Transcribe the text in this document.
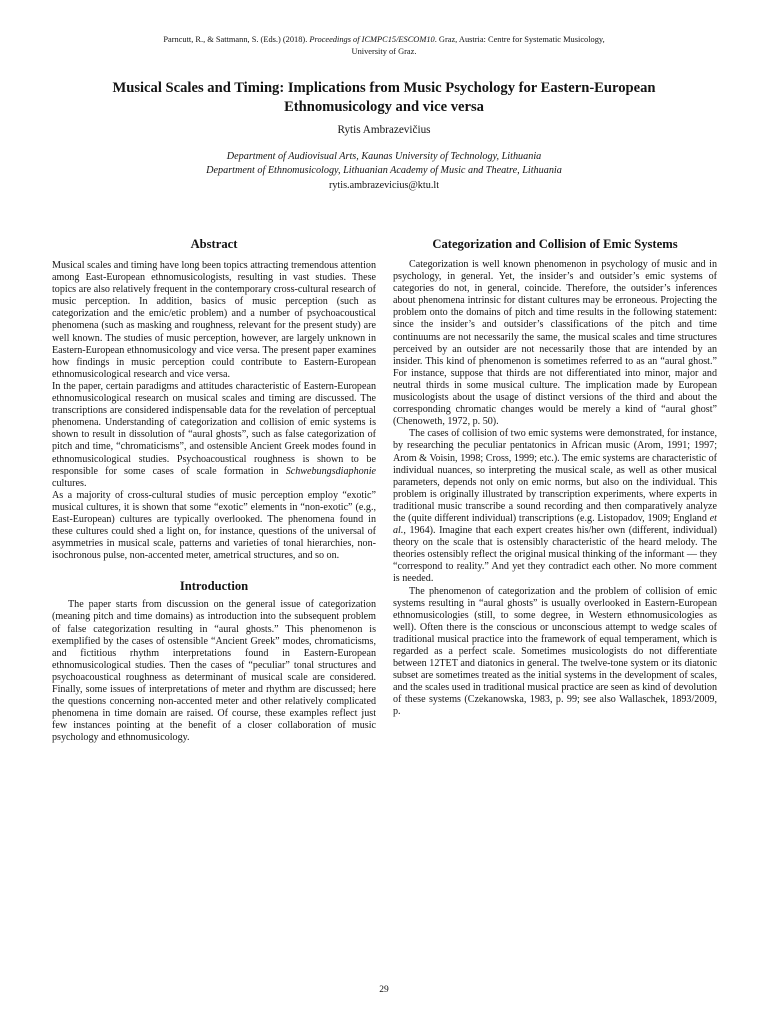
Parncutt, R., & Sattmann, S. (Eds.) (2018). Proceedings of ICMPC15/ESCOM10. Graz, Austria: Centre for Systematic Musicology,
University of Graz.
Musical Scales and Timing: Implications from Music Psychology for Eastern-European Ethnomusicology and vice versa
Rytis Ambrazevičius
Department of Audiovisual Arts, Kaunas University of Technology, Lithuania
Department of Ethnomusicology, Lithuanian Academy of Music and Theatre, Lithuania
rytis.ambrazevicius@ktu.lt
Abstract

Musical scales and timing have long been topics attracting tremendous attention among East-European ethnomusicologists, resulting in vast studies. These topics are also relatively frequent in the contemporary cross-cultural research of music perception. In addition, basics of music perception (such as categorization and the emic/etic problem) and a number of psychoacoustical phenomena (such as masking and roughness, relevant for the present study) are well known. The studies of music perception, however, are largely unknown in Eastern-European ethnomusicology and vice versa. The present paper examines how findings in music perception could contribute to Eastern-European ethnomusicological research and vice versa.

In the paper, certain paradigms and attitudes characteristic of Eastern-European ethnomusicological research on musical scales and timing are discussed. The transcriptions are considered indispensable data for the revelation of perceptual phenomena. Understanding of categorization and collision of emic systems is shown to result in dissolution of “aural ghosts”, such as false categorization of pitch and time, “chromaticisms”, and ostensible Ancient Greek modes found in ethnomusicological studies. Psychoacoustical roughness is shown to be responsible for some cases of scale formation in Schwebungsdiaphonie cultures.

As a majority of cross-cultural studies of music perception employ “exotic” musical cultures, it is shown that some “exotic” elements in “non-exotic” (e.g., East-European) cultures are typically overlooked. The phenomena found in these cultures could shed a light on, for instance, questions of the universal of asymmetries in musical scale, patterns and varieties of tonal hierarchies, non-isochronous pulse, non-accented meter, ametrical structures, and so on.

Introduction

The paper starts from discussion on the general issue of categorization (meaning pitch and time domains) as introduction into the subsequent problem of false categorization resulting in “aural ghosts.” This phenomenon is exemplified by the cases of ostensible “Ancient Greek” modes, chromaticisms, and fictitious rhythm interpretations found in Eastern-European ethnomusicological studies. Then the cases of “peculiar” tonal structures and psychoacoustical roughness as determinant of musical scale are considered. Finally, some issues of interpretations of meter and rhythm are discussed; here the questions concerning non-accented meter and other relatively complicated phenomena in time domain are raised. Of course, these examples reflect just few instances pointing at the benefit of a closer collaboration of music psychology and ethnomusicology.

Categorization and Collision of Emic Systems

Categorization is well known phenomenon in psychology of music and in psychology, in general. Yet, the insider’s and outsider’s emic systems of categories do not, in general, coincide. Therefore, the outsider’s inferences about phenomena intrinsic for distant cultures may be erroneous. Projecting the problem onto the domains of pitch and time results in the following statement: since the insider’s and outsider’s classifications of the pitch and time continuums are not necessarily the same, the musical scales and time structures perceived by an outsider are not necessarily those that are intended by an insider. This kind of phenomenon is sometimes referred to as an “aural ghost.” For instance, suppose that thirds are not differentiated into minor, major and neutral thirds in some musical culture. The implication made by European musicologists about the usage of distinct versions of the third and about the corresponding chromatic changes would be merely a kind of “aural ghost” (Chenoweth, 1972, p. 50).

The cases of collision of two emic systems were demonstrated, for instance, by researching the peculiar pentatonics in African music (Arom, 1991; 1997; Arom & Voisin, 1998; Cross, 1999; etc.). The emic systems are characteristic of individual nuances, so interpreting the musical scale, as well as other musical parameters, depends not only on emic norms, but also on the individual. This problem is originally illustrated by transcription experiments, where experts in traditional music transcribe a sound recording and then comparatively analyze the (quite different individual) transcriptions (e.g. Listopadov, 1909; England et al., 1964). Imagine that each expert creates his/her own (different, individual) theory on the scale that is ostensibly characteristic of the heard melody. The theories ostensibly reflect the original musical thinking of the informant — they “correspond to reality.” And yet they contradict each other. No more comment is needed.

The phenomenon of categorization and the problem of collision of emic systems resulting in “aural ghosts” is usually overlooked in Eastern-European ethnomusicologies (still, to some degree, in Western ethnomusicologies as well). Often there is the conscious or unconscious attempt to wedge scales of traditional musical practice into the framework of equal temperament, which is regarded as a perfect scale. Sometimes musicologists do not differentiate between 12TET and diatonics in general. The twelve-tone system or its diatonic subset are sometimes treated as the initial systems in the development of scales, and the scales used in traditional musical practice are seen as kind of devolution of these systems (Czekanowska, 1983, p. 99; see also Wallaschek, 1893/2009, p.

29
